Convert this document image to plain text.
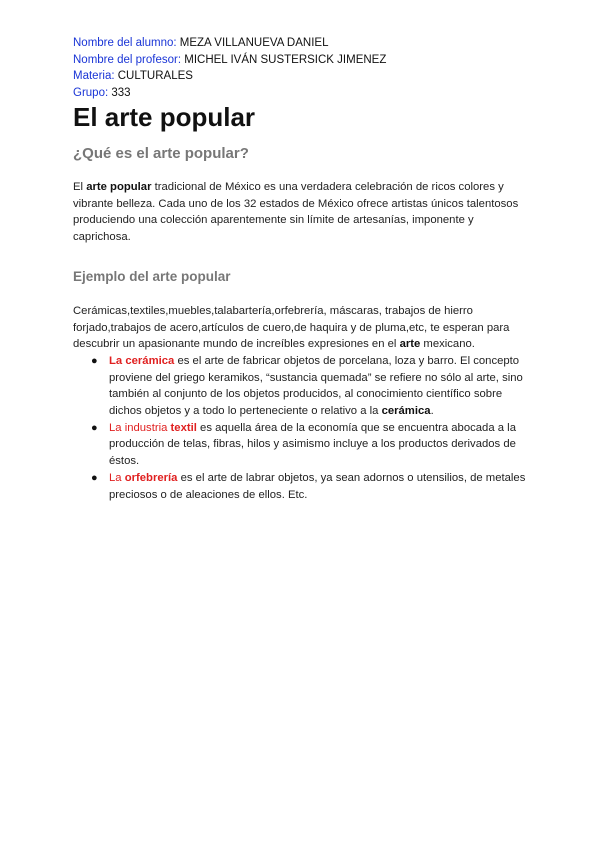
Nombre del alumno: MEZA VILLANUEVA DANIEL
Nombre del profesor: MICHEL IVÁN SUSTERSICK JIMENEZ
Materia: CULTURALES
Grupo: 333
El arte popular
¿Qué es el arte popular?

El arte popular tradicional de México es una verdadera celebración de ricos colores y vibrante belleza. Cada uno de los 32 estados de México ofrece artistas únicos talentosos produciendo una colección aparentemente sin límite de artesanías, imponente y caprichosa.

Ejemplo del arte popular

Cerámicas,textiles,muebles,talabartería,orfebrería, máscaras, trabajos de hierro forjado,trabajos de acero,artículos de cuero,de haquira y de pluma,etc, te esperan para descubrir un apasionante mundo de increíbles expresiones en el arte mexicano.

● La cerámica es el arte de fabricar objetos de porcelana, loza y barro. El concepto proviene del griego keramikos, “sustancia quemada” se refiere no sólo al arte, sino también al conjunto de los objetos producidos, al conocimiento científico sobre dichos objetos y a todo lo perteneciente o relativo a la cerámica.
● La industria textil es aquella área de la economía que se encuentra abocada a la producción de telas, fibras, hilos y asimismo incluye a los productos derivados de éstos.
● La orfebrería es el arte de labrar objetos, ya sean adornos o utensilios, de metales preciosos o de aleaciones de ellos. Etc.
